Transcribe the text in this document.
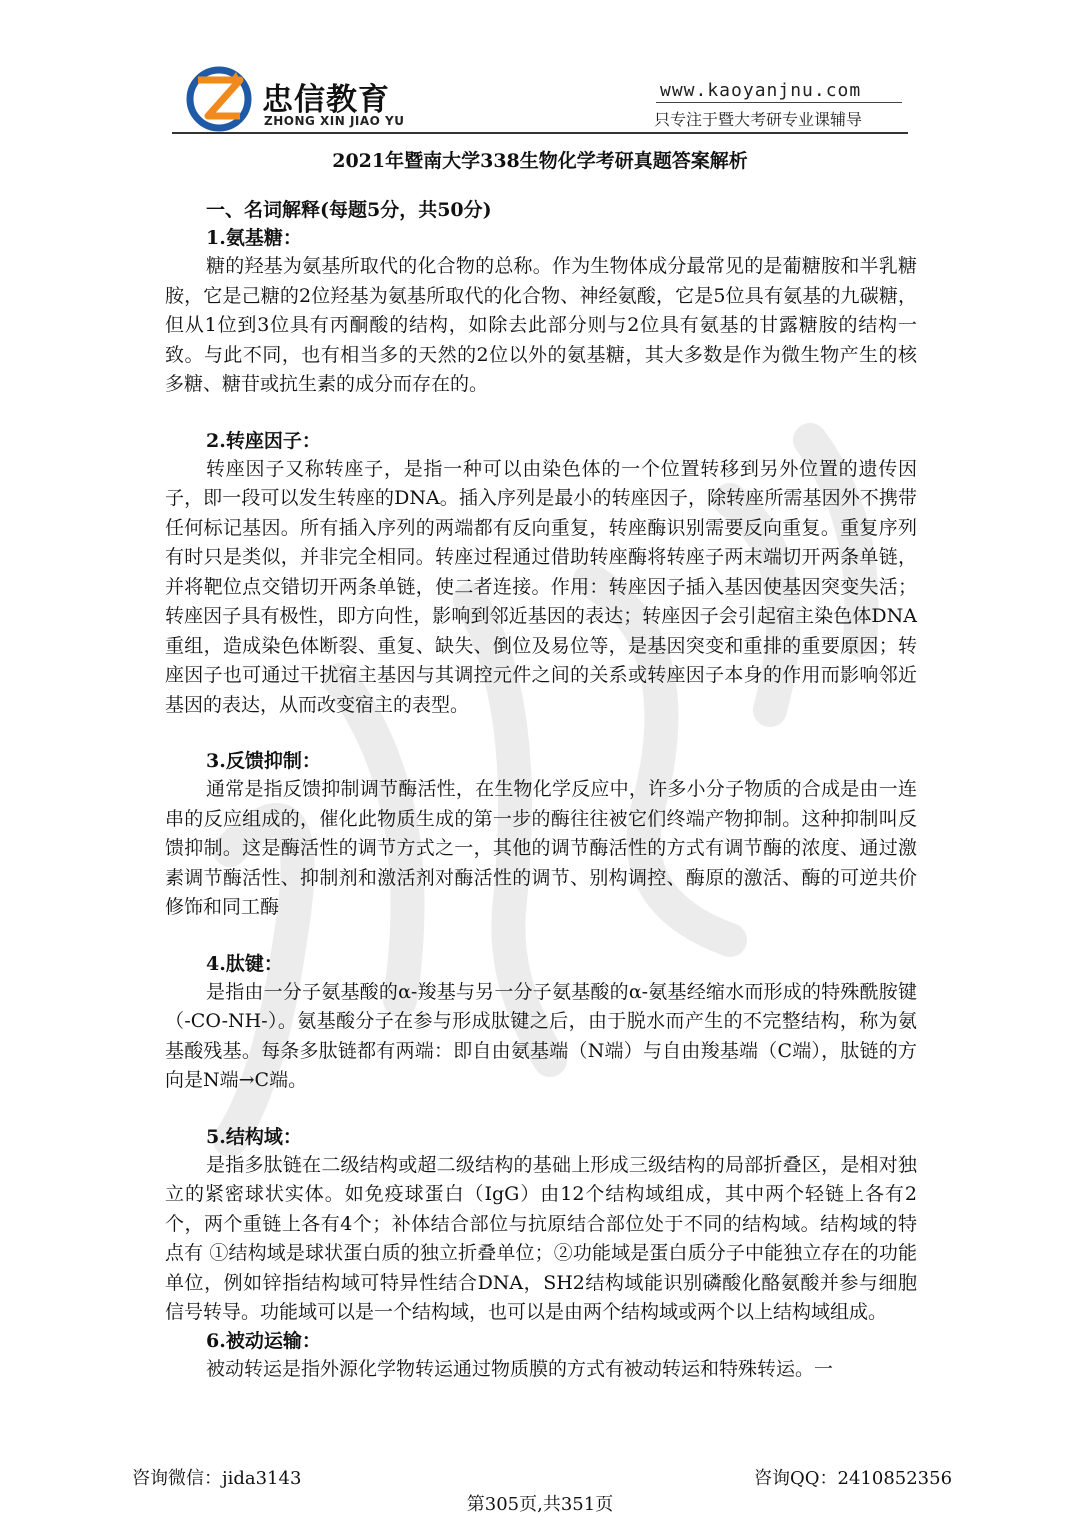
忠信教育
ZHONG XIN JIAO YU
www.kaoyanjnu.com
只专注于暨大考研专业课辅导
2021年暨南大学338生物化学考研真题答案解析
一、名词解释(每题5分，共50分)
1.氨基糖：

糖的羟基为氨基所取代的化合物的总称。作为生物体成分最常见的是葡糖胺和半乳糖胺，它是己糖的2位羟基为氨基所取代的化合物、神经氨酸，它是5位具有氨基的九碳糖，但从1位到3位具有丙酮酸的结构，如除去此部分则与2位具有氨基的甘露糖胺的结构一致。与此不同，也有相当多的天然的2位以外的氨基糖，其大多数是作为微生物产生的核多糖、糖苷或抗生素的成分而存在的。

2.转座因子：

转座因子又称转座子，是指一种可以由染色体的一个位置转移到另外位置的遗传因子，即一段可以发生转座的DNA。插入序列是最小的转座因子，除转座所需基因外不携带任何标记基因。所有插入序列的两端都有反向重复，转座酶识别需要反向重复。重复序列有时只是类似，并非完全相同。转座过程通过借助转座酶将转座子两末端切开两条单链，并将靶位点交错切开两条单链，使二者连接。作用：转座因子插入基因使基因突变失活；转座因子具有极性，即方向性，影响到邻近基因的表达；转座因子会引起宿主染色体DNA重组，造成染色体断裂、重复、缺失、倒位及易位等，是基因突变和重排的重要原因；转座因子也可通过干扰宿主基因与其调控元件之间的关系或转座因子本身的作用而影响邻近基因的表达，从而改变宿主的表型。

3.反馈抑制：

通常是指反馈抑制调节酶活性，在生物化学反应中，许多小分子物质的合成是由一连串的反应组成的，催化此物质生成的第一步的酶往往被它们终端产物抑制。这种抑制叫反馈抑制。这是酶活性的调节方式之一，其他的调节酶活性的方式有调节酶的浓度、通过激素调节酶活性、抑制剂和激活剂对酶活性的调节、别构调控、酶原的激活、酶的可逆共价修饰和同工酶

4.肽键：

是指由一分子氨基酸的α-羧基与另一分子氨基酸的α-氨基经缩水而形成的特殊酰胺键（-CO-NH-）。氨基酸分子在参与形成肽键之后，由于脱水而产生的不完整结构，称为氨基酸残基。每条多肽链都有两端：即自由氨基端（N端）与自由羧基端（C端），肽链的方向是N端→C端。

5.结构域：

是指多肽链在二级结构或超二级结构的基础上形成三级结构的局部折叠区，是相对独立的紧密球状实体。如免疫球蛋白（IgG）由12个结构域组成，其中两个轻链上各有2个，两个重链上各有4个；补体结合部位与抗原结合部位处于不同的结构域。结构域的特点有 ①结构域是球状蛋白质的独立折叠单位；②功能域是蛋白质分子中能独立存在的功能单位，例如锌指结构域可特异性结合DNA，SH2结构域能识别磷酸化酪氨酸并参与细胞信号转导。功能域可以是一个结构域，也可以是由两个结构域或两个以上结构域组成。

6.被动运输：

被动转运是指外源化学物转运通过物质膜的方式有被动转运和特殊转运。一

咨询微信：jida3143	咨询QQ：2410852356
第305页,共351页
